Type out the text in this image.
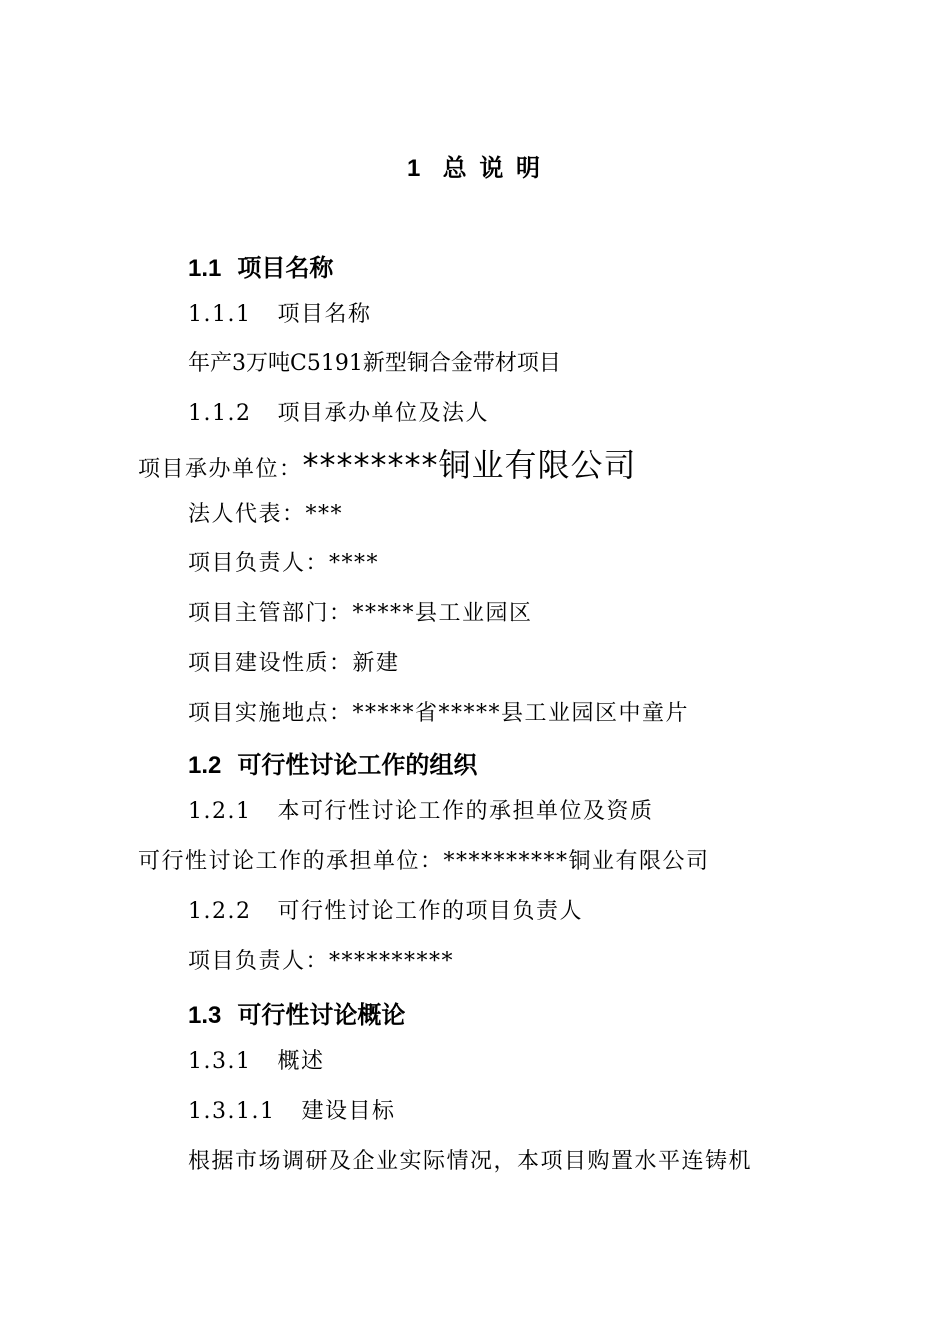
1 总 说 明
1.1 项目名称
1.1.1 项目名称
年产3万吨C5191新型铜合金带材项目
1.1.2 项目承办单位及法人
项目承办单位：********铜业有限公司
法人代表：***
项目负责人：****
项目主管部门：*****县工业园区
项目建设性质：新建
项目实施地点：*****省*****县工业园区中童片
1.2 可行性讨论工作的组织
1.2.1 本可行性讨论工作的承担单位及资质
可行性讨论工作的承担单位：**********铜业有限公司
1.2.2 可行性讨论工作的项目负责人
项目负责人：**********
1.3 可行性讨论概论
1.3.1 概述
1.3.1.1 建设目标
根据市场调研及企业实际情况，本项目购置水平连铸机
